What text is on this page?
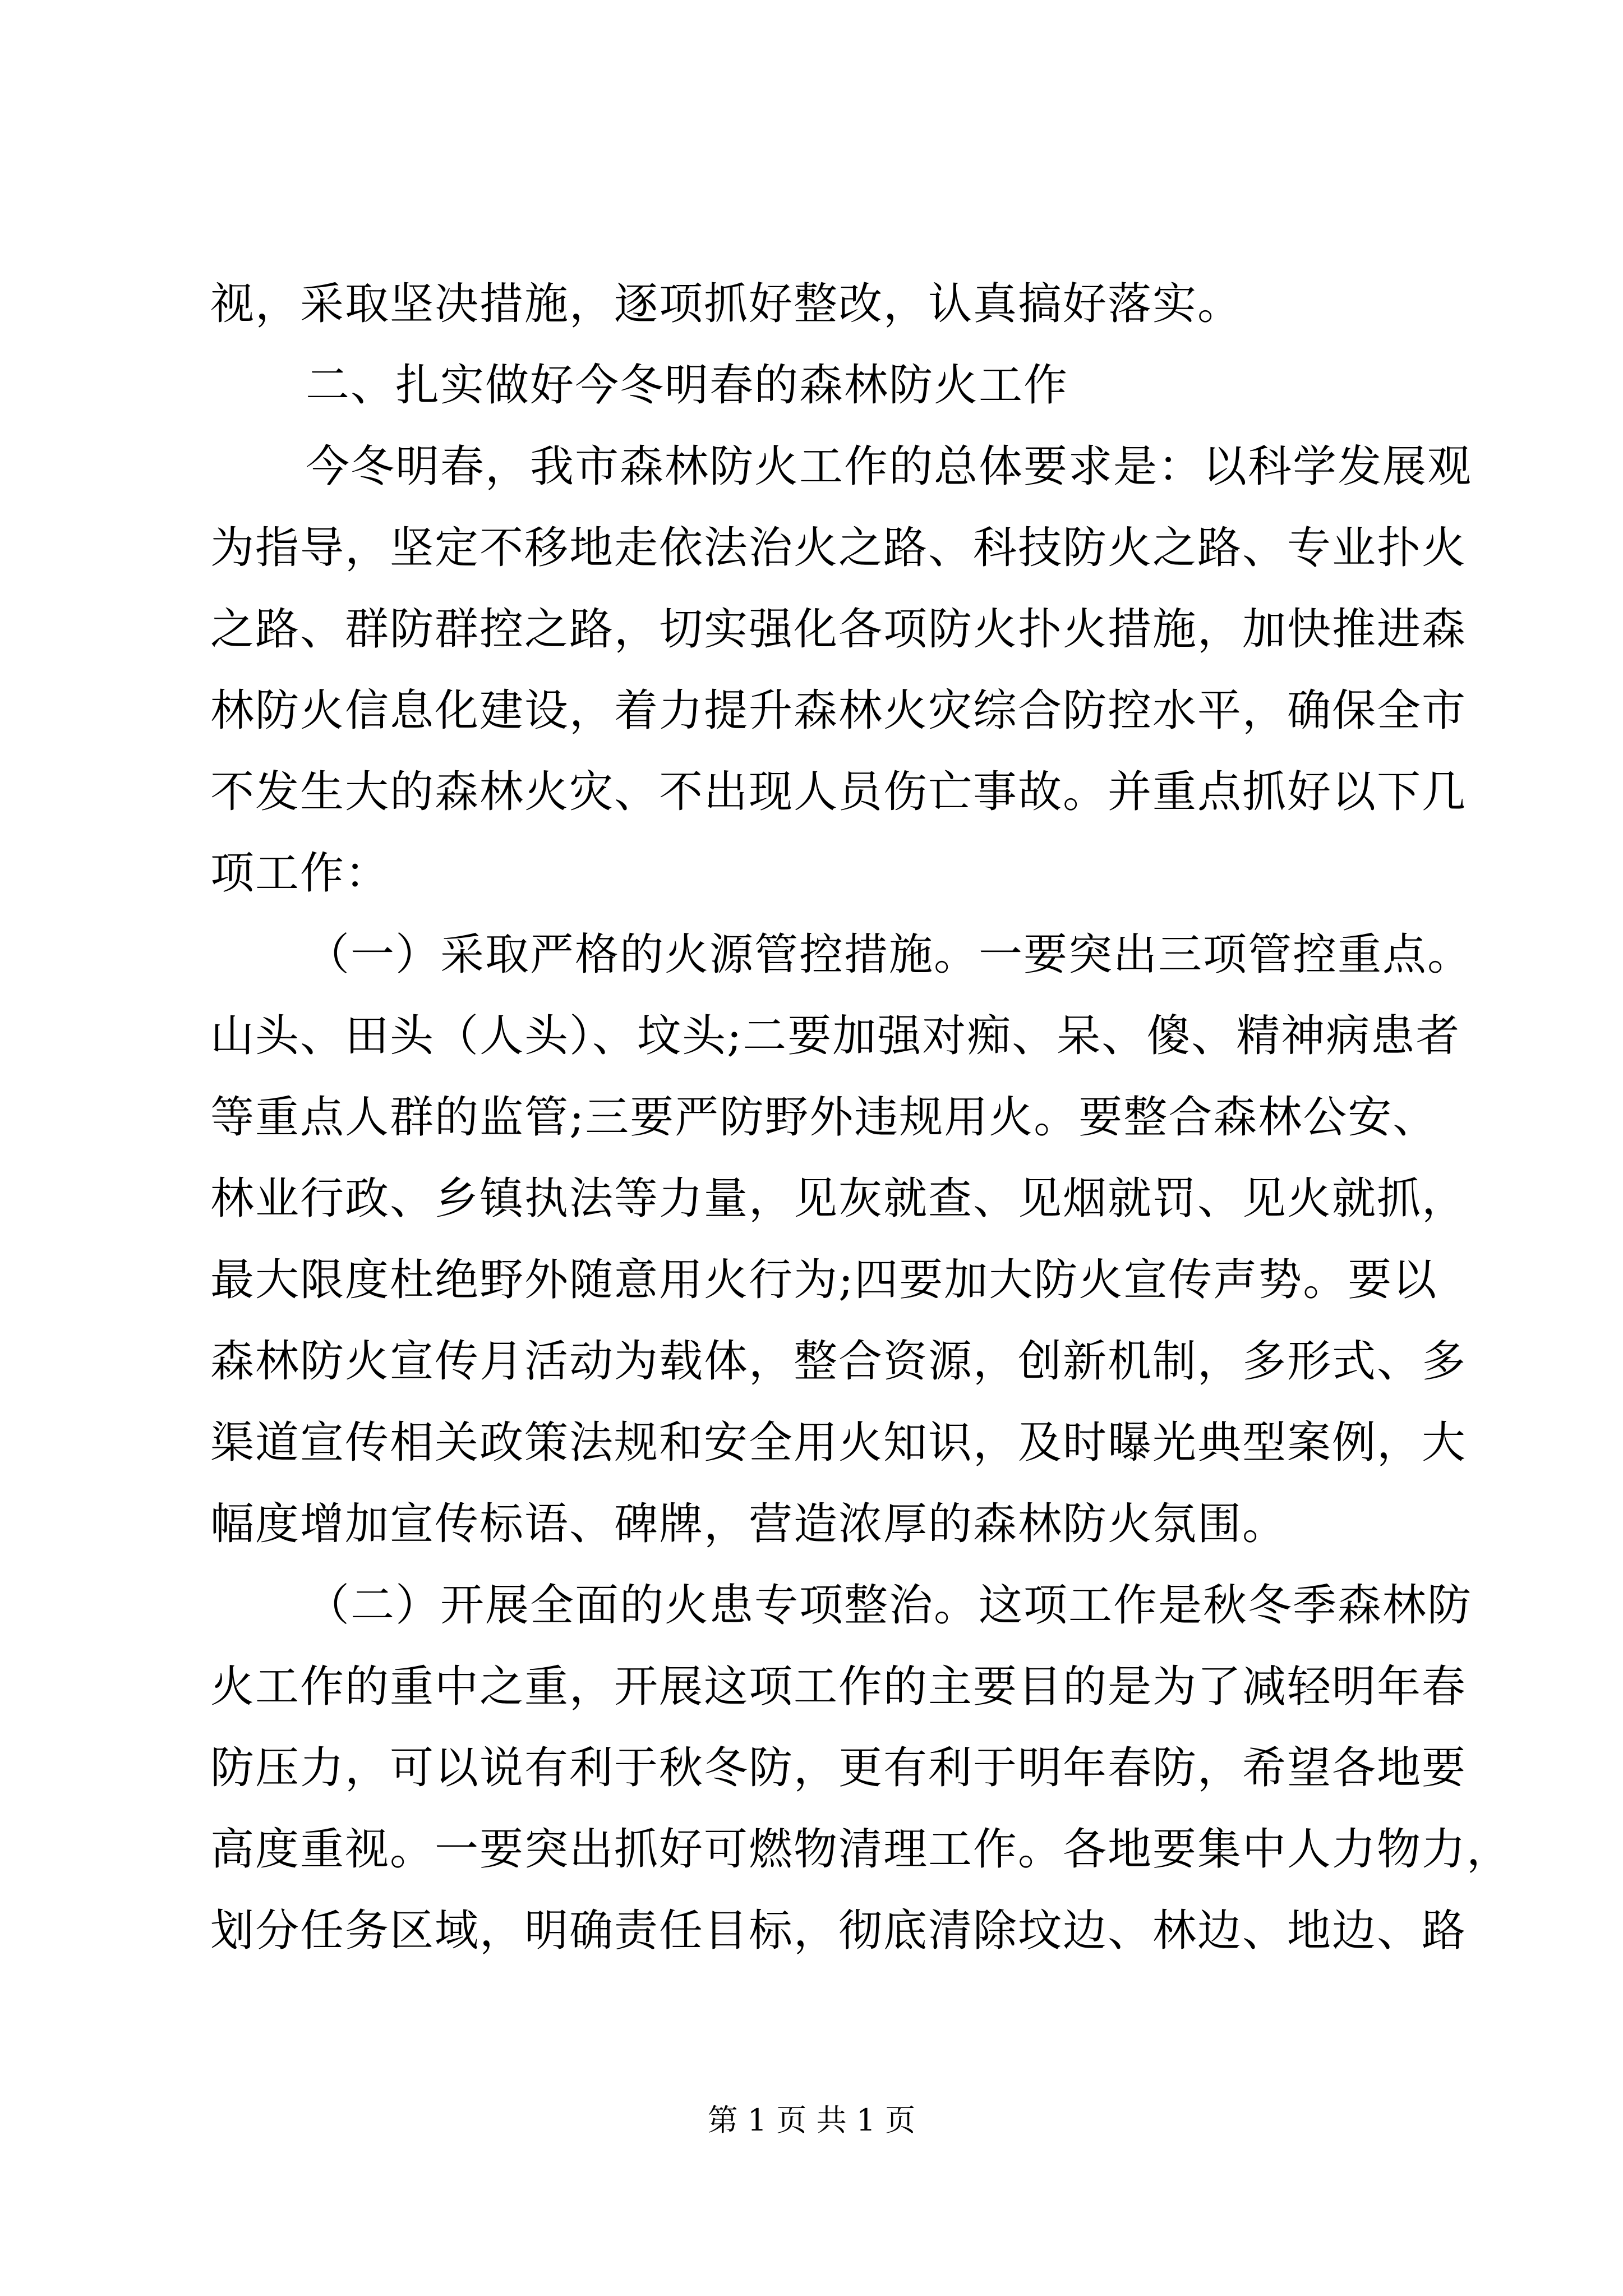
视，采取坚决措施，逐项抓好整改，认真搞好落实。
二、扎实做好今冬明春的森林防火工作
今冬明春，我市森林防火工作的总体要求是：以科学发展观
为指导，坚定不移地走依法治火之路、科技防火之路、专业扑火
之路、群防群控之路，切实强化各项防火扑火措施，加快推进森
林防火信息化建设，着力提升森林火灾综合防控水平，确保全市
不发生大的森林火灾、不出现人员伤亡事故。并重点抓好以下几
项工作：
（一）采取严格的火源管控措施。一要突出三项管控重点。
山头、田头（人头）、坟头;二要加强对痴、呆、傻、精神病患者
等重点人群的监管;三要严防野外违规用火。要整合森林公安、
林业行政、乡镇执法等力量，见灰就查、见烟就罚、见火就抓，
最大限度杜绝野外随意用火行为;四要加大防火宣传声势。要以
森林防火宣传月活动为载体，整合资源，创新机制，多形式、多
渠道宣传相关政策法规和安全用火知识，及时曝光典型案例，大
幅度增加宣传标语、碑牌，营造浓厚的森林防火氛围。
（二）开展全面的火患专项整治。这项工作是秋冬季森林防
火工作的重中之重，开展这项工作的主要目的是为了减轻明年春
防压力，可以说有利于秋冬防，更有利于明年春防，希望各地要
高度重视。一要突出抓好可燃物清理工作。各地要集中人力物力，
划分任务区域，明确责任目标，彻底清除坟边、林边、地边、路
第 1 页 共 1 页
